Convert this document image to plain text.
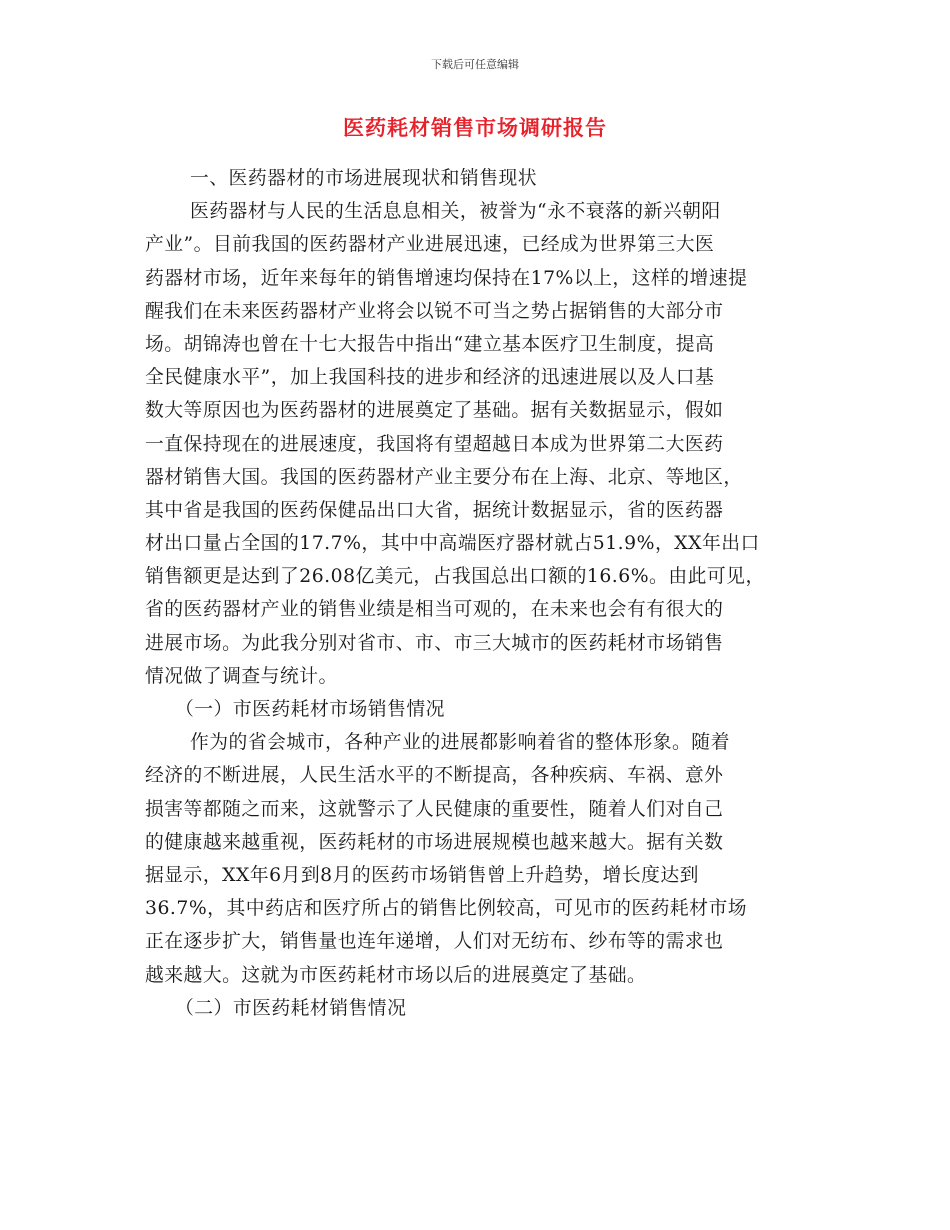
下载后可任意编辑
医药耗材销售市场调研报告
一、医药器材的市场进展现状和销售现状
医药器材与人民的生活息息相关，被誉为“永不衰落的新兴朝阳
产业”。目前我国的医药器材产业进展迅速，已经成为世界第三大医
药器材市场，近年来每年的销售增速均保持在17%以上，这样的增速提
醒我们在未来医药器材产业将会以锐不可当之势占据销售的大部分市
场。胡锦涛也曾在十七大报告中指出“建立基本医疗卫生制度，提高
全民健康水平”，加上我国科技的进步和经济的迅速进展以及人口基
数大等原因也为医药器材的进展奠定了基础。据有关数据显示，假如
一直保持现在的进展速度，我国将有望超越日本成为世界第二大医药
器材销售大国。我国的医药器材产业主要分布在上海、北京、等地区，
其中省是我国的医药保健品出口大省，据统计数据显示，省的医药器
材出口量占全国的17.7%，其中中高端医疗器材就占51.9%，XX年出口
销售额更是达到了26.08亿美元，占我国总出口额的16.6%。由此可见，
省的医药器材产业的销售业绩是相当可观的，在未来也会有有很大的
进展市场。为此我分别对省市、市、市三大城市的医药耗材市场销售
情况做了调查与统计。
（一）市医药耗材市场销售情况
作为的省会城市，各种产业的进展都影响着省的整体形象。随着
经济的不断进展，人民生活水平的不断提高，各种疾病、车祸、意外
损害等都随之而来，这就警示了人民健康的重要性，随着人们对自己
的健康越来越重视，医药耗材的市场进展规模也越来越大。据有关数
据显示，XX年6月到8月的医药市场销售曾上升趋势，增长度达到
36.7%，其中药店和医疗所占的销售比例较高，可见市的医药耗材市场
正在逐步扩大，销售量也连年递增，人们对无纺布、纱布等的需求也
越来越大。这就为市医药耗材市场以后的进展奠定了基础。
（二）市医药耗材销售情况
